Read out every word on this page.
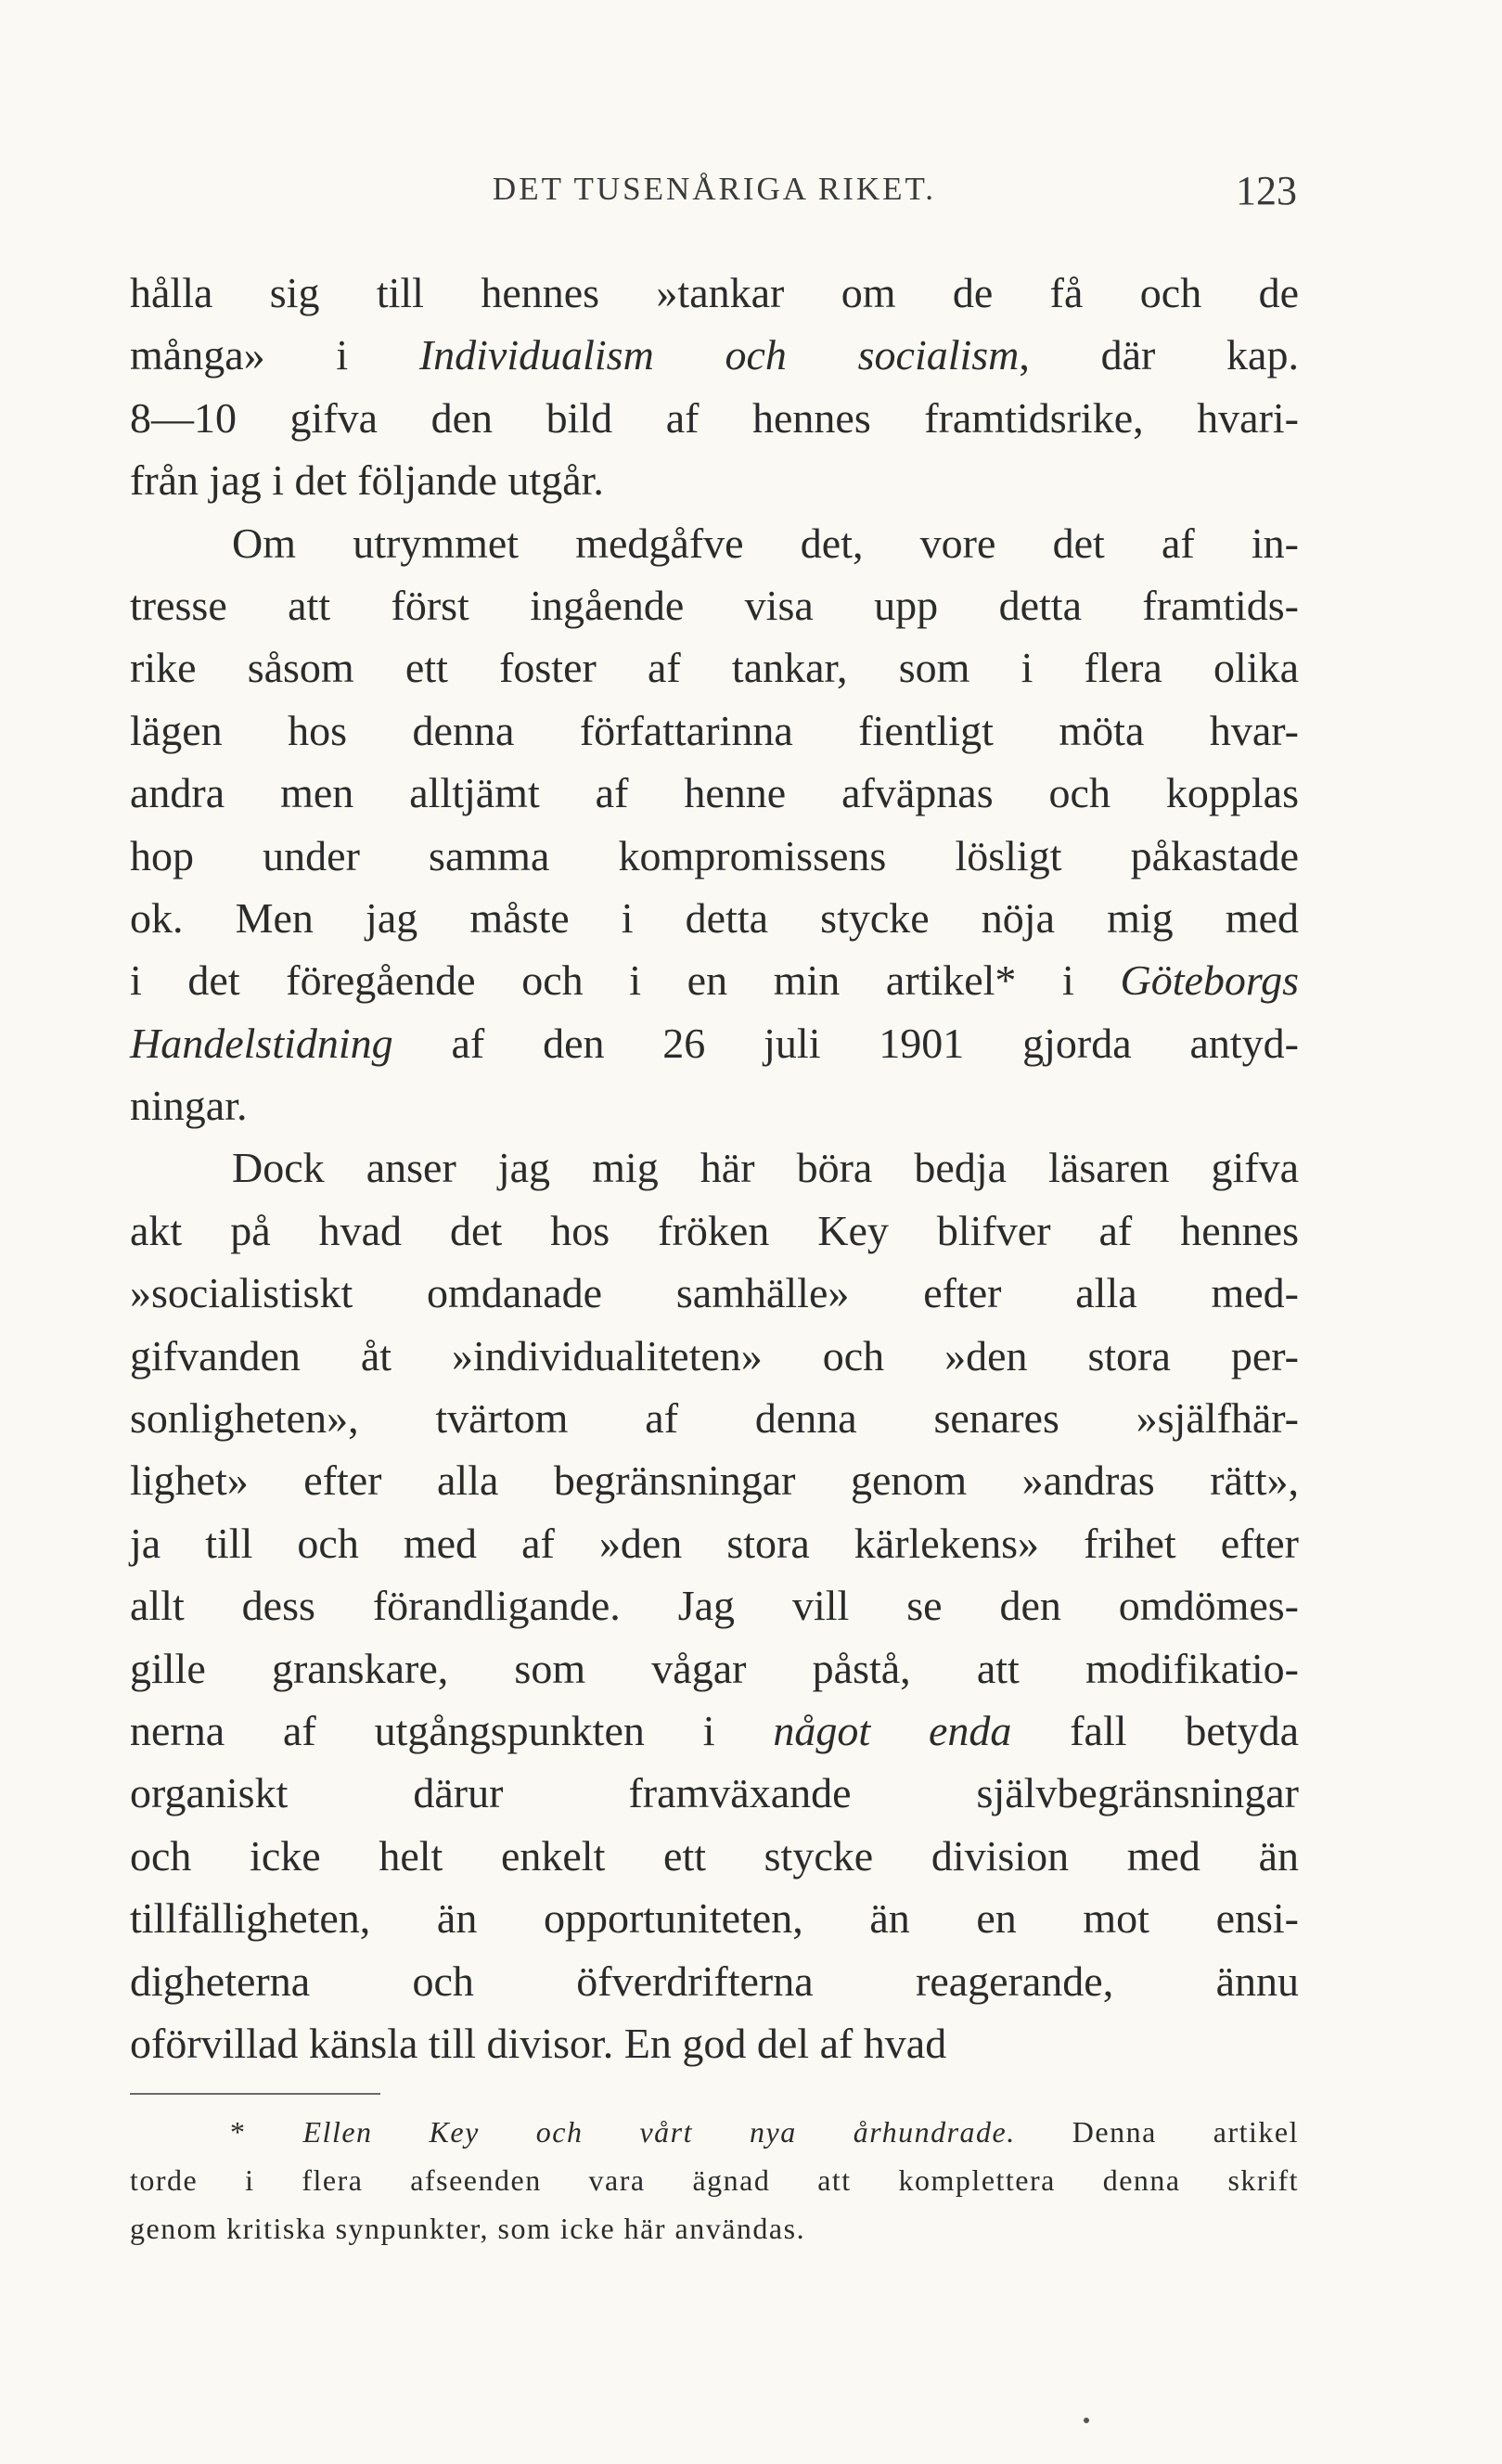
DET TUSENÅRIGA RIKET.	123
hålla sig till hennes »tankar om de få och de
många» i Individualism och socialism, där kap.
8—10 gifva den bild af hennes framtidsrike, hvari-
från jag i det följande utgår.
Om utrymmet medgåfve det, vore det af in-
tresse att först ingående visa upp detta framtids-
rike såsom ett foster af tankar, som i flera olika
lägen hos denna författarinna fientligt möta hvar-
andra men alltjämt af henne afväpnas och kopplas
hop under samma kompromissens lösligt påkastade
ok. Men jag måste i detta stycke nöja mig med
i det föregående och i en min artikel* i Göteborgs
Handelstidning af den 26 juli 1901 gjorda antyd-
ningar.
Dock anser jag mig här böra bedja läsaren gifva
akt på hvad det hos fröken Key blifver af hennes
»socialistiskt omdanade samhälle» efter alla med-
gifvanden åt »individualiteten» och »den stora per-
sonligheten», tvärtom af denna senares »själfhär-
lighet» efter alla begränsningar genom »andras rätt»,
ja till och med af »den stora kärlekens» frihet efter
allt dess förandligande. Jag vill se den omdömes-
gille granskare, som vågar påstå, att modifikatio-
nerna af utgångspunkten i något enda fall betyda
organiskt därur framväxande självbegränsningar
och icke helt enkelt ett stycke division med än
tillfälligheten, än opportuniteten, än en mot ensi-
digheterna och öfverdrifterna reagerande, ännu
oförvillad känsla till divisor. En god del af hvad
* Ellen Key och vårt nya århundrade. Denna artikel
torde i flera afseenden vara ägnad att komplettera denna skrift
genom kritiska synpunkter, som icke här användas.
